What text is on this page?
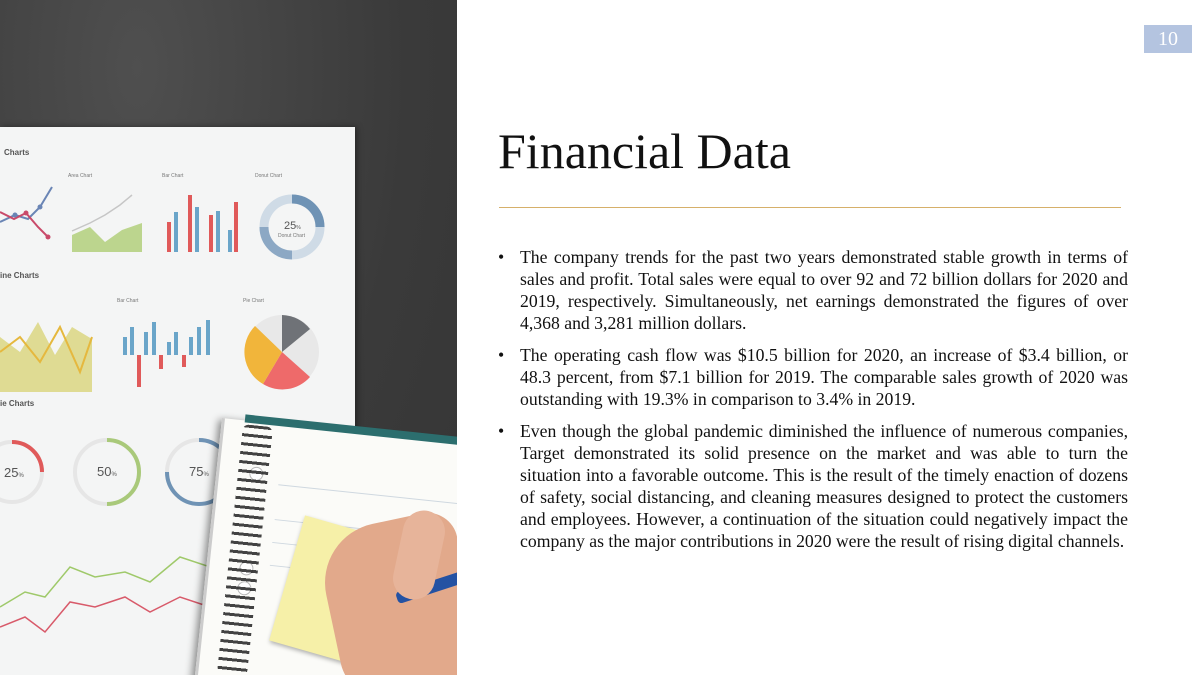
Charts
ine Charts
ie Charts
Area Chart	Bar Chart	Donut Chart
Bar Chart	Pie Chart
25%
Donut Chart
25%	50%	75%
10
Financial Data
• The company trends for the past two years demonstrated stable growth in terms of sales and profit. Total sales were equal to over 92 and 72 billion dollars for 2020 and 2019, respectively. Simultaneously, net earnings demonstrated the figures of over 4,368 and 3,281 million dollars.
• The operating cash flow was $10.5 billion for 2020, an increase of $3.4 billion, or 48.3 percent, from $7.1 billion for 2019. The comparable sales growth of 2020 was outstanding with 19.3% in comparison to 3.4% in 2019.
• Even though the global pandemic diminished the influence of numerous companies, Target demonstrated its solid presence on the market and was able to turn the situation into a favorable outcome. This is the result of the timely enaction of dozens of safety, social distancing, and cleaning measures designed to protect the customers and employees. However, a continuation of the situation could negatively impact the company as the major contributions in 2020 were the result of rising digital channels.
